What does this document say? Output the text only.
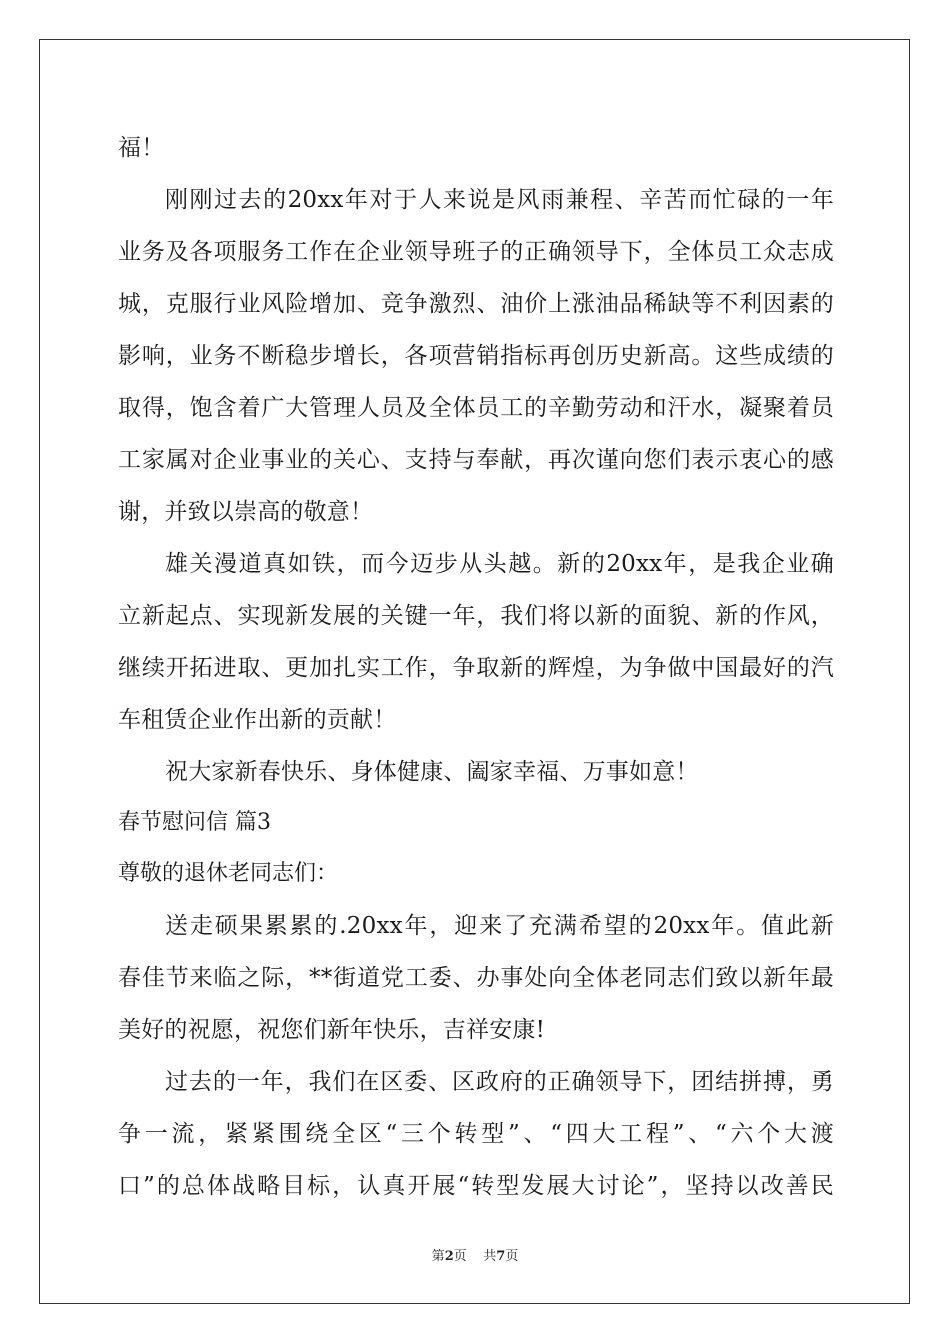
福！
刚刚过去的20xx年对于人来说是风雨兼程、辛苦而忙碌的一年
业务及各项服务工作在企业领导班子的正确领导下，全体员工众志成
城，克服行业风险增加、竞争激烈、油价上涨油品稀缺等不利因素的
影响，业务不断稳步增长，各项营销指标再创历史新高。这些成绩的
取得，饱含着广大管理人员及全体员工的辛勤劳动和汗水，凝聚着员
工家属对企业事业的关心、支持与奉献，再次谨向您们表示衷心的感
谢，并致以崇高的敬意！
雄关漫道真如铁，而今迈步从头越。新的20xx年，是我企业确
立新起点、实现新发展的关键一年，我们将以新的面貌、新的作风，
继续开拓进取、更加扎实工作，争取新的辉煌，为争做中国最好的汽
车租赁企业作出新的贡献！
祝大家新春快乐、身体健康、阖家幸福、万事如意！
春节慰问信 篇3
尊敬的退休老同志们：
送走硕果累累的.20xx年，迎来了充满希望的20xx年。值此新
春佳节来临之际，**街道党工委、办事处向全体老同志们致以新年最
美好的祝愿，祝您们新年快乐，吉祥安康!
过去的一年，我们在区委、区政府的正确领导下，团结拼搏，勇
争一流，紧紧围绕全区“三个转型”、“四大工程”、“六个大渡
口”的总体战略目标，认真开展“转型发展大讨论”，坚持以改善民
第2页    共7页
